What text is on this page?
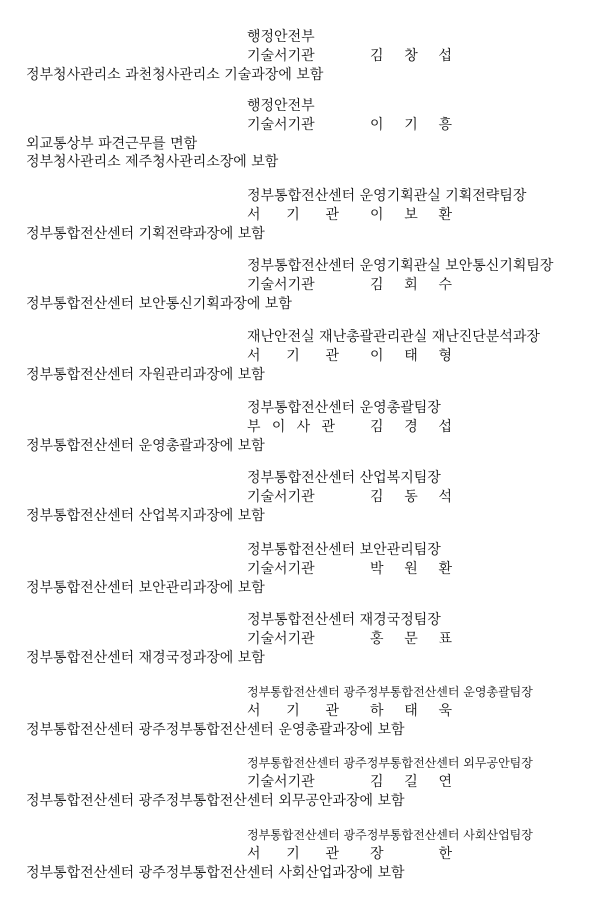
행정안전부
기술서기관	김 창 섭
정부청사관리소 과천청사관리소 기술과장에 보함
행정안전부
기술서기관	이 기 흥
외교통상부 파견근무를 면함
정부청사관리소 제주청사관리소장에 보함
정부통합전산센터 운영기획관실 기획전략팀장
서 기 관 이 보 환
정부통합전산센터 기획전략과장에 보함
정부통합전산센터 운영기획관실 보안통신기획팀장
기술서기관	김 회 수
정부통합전산센터 보안통신기획과장에 보함
재난안전실 재난총괄관리관실 재난진단분석과장
서 기 관 이 태 형
정부통합전산센터 자원관리과장에 보함
정부통합전산센터 운영총괄팀장
부 이 사 관	김 경 섭
정부통합전산센터 운영총괄과장에 보함
정부통합전산센터 산업복지팀장
기술서기관	김 동 석
정부통합전산센터 산업복지과장에 보함
정부통합전산센터 보안관리팀장
기술서기관	박 원 환
정부통합전산센터 보안관리과장에 보함
정부통합전산센터 재경국정팀장
기술서기관	홍 문 표
정부통합전산센터 재경국정과장에 보함
정부통합전산센터 광주정부통합전산센터 운영총괄팀장
서 기 관 하 태 욱
정부통합전산센터 광주정부통합전산센터 운영총괄과장에 보함
정부통합전산센터 광주정부통합전산센터 외무공안팀장
기술서기관	김 길 연
정부통합전산센터 광주정부통합전산센터 외무공안과장에 보함
정부통합전산센터 광주정부통합전산센터 사회산업팀장
서 기 관 장	한
정부통합전산센터 광주정부통합전산센터 사회산업과장에 보함
